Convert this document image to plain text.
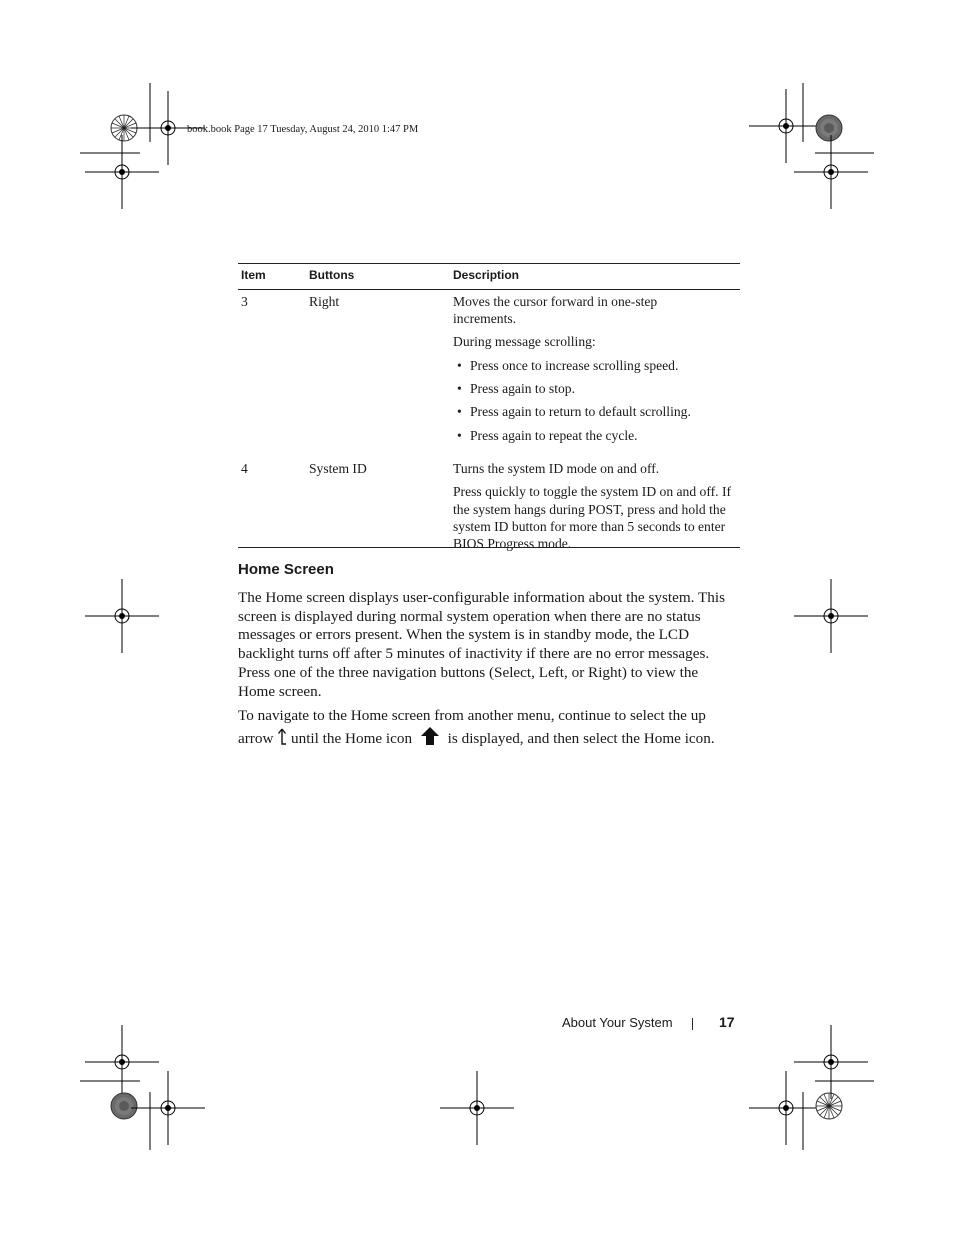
book.book Page 17 Tuesday, August 24, 2010 1:47 PM
Item	Buttons	Description
3	Right	Moves the cursor forward in one-step increments.

During message scrolling:

• Press once to increase scrolling speed.
• Press again to stop.
• Press again to return to default scrolling.
• Press again to repeat the cycle.
4	System ID	Turns the system ID mode on and off.

Press quickly to toggle the system ID on and off. If the system hangs during POST, press and hold the system ID button for more than 5 seconds to enter BIOS Progress mode.

Home Screen

The Home screen displays user-configurable information about the system. This screen is displayed during normal system operation when there are no status messages or errors present. When the system is in standby mode, the LCD backlight turns off after 5 minutes of inactivity if there are no error messages. Press one of the three navigation buttons (Select, Left, or Right) to view the Home screen.

To navigate to the Home screen from another menu, continue to select the up arrow until the Home icon is displayed, and then select the Home icon.

About Your System	17
